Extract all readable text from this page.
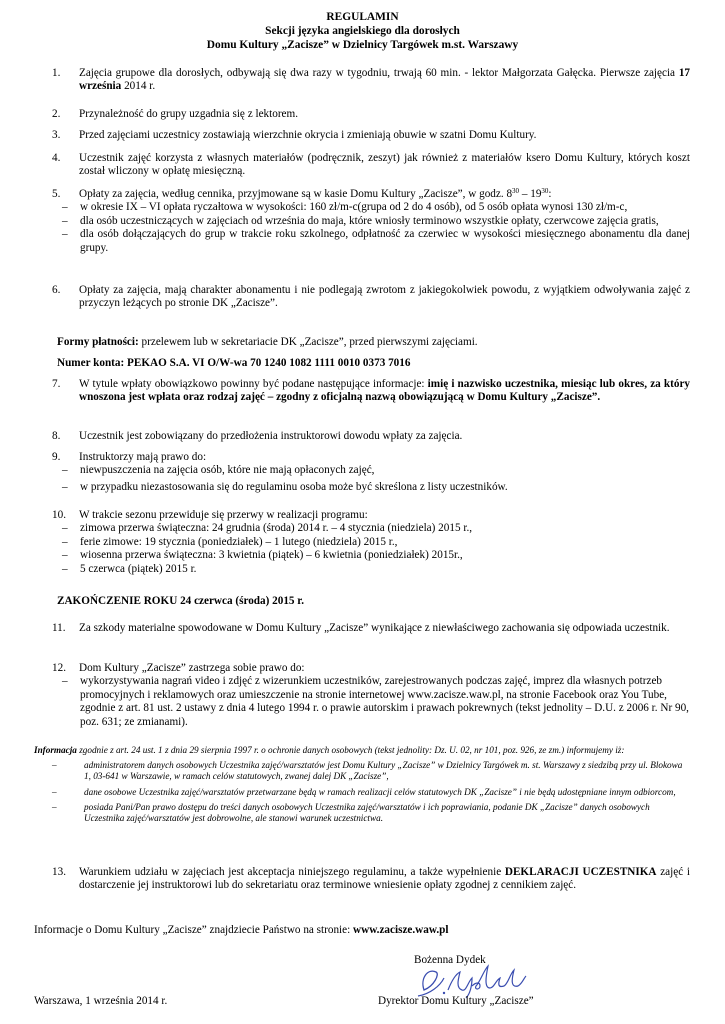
REGULAMIN
Sekcji języka angielskiego dla dorosłych
Domu Kultury „Zacisze” w Dzielnicy Targówek m.st. Warszawy
1. Zajęcia grupowe dla dorosłych, odbywają się dwa razy w tygodniu, trwają 60 min. - lektor Małgorzata Gałęcka. Pierwsze zajęcia 17 września 2014 r.
2. Przynależność do grupy uzgadnia się z lektorem.
3. Przed zajęciami uczestnicy zostawiają wierzchnie okrycia i zmieniają obuwie w szatni Domu Kultury.
4. Uczestnik zajęć korzysta z własnych materiałów (podręcznik, zeszyt) jak również z materiałów ksero Domu Kultury, których koszt został wliczony w opłatę miesięczną.
5. Opłaty za zajęcia, według cennika, przyjmowane są w kasie Domu Kultury „Zacisze”, w godz. $8^{30} - 19^{30}$:
– w okresie IX – VI opłata ryczałtowa w wysokości: 160 zł/m-c(grupa od 2 do 4 osób), od 5 osób opłata wynosi 130 zł/m-c,
– dla osób uczestniczących w zajęciach od września do maja, które wniosły terminowo wszystkie opłaty, czerwcowe zajęcia gratis,
– dla osób dołączających do grup w trakcie roku szkolnego, odpłatność za czerwiec w wysokości miesięcznego abonamentu dla danej grupy.
6. Opłaty za zajęcia, mają charakter abonamentu i nie podlegają zwrotom z jakiegokolwiek powodu, z wyjątkiem odwoływania zajęć z przyczyn leżących po stronie DK „Zacisze”.
Formy płatności: przelewem lub w sekretariacie DK „Zacisze”, przed pierwszymi zajęciami.
Numer konta: PEKAO S.A. VI O/W-wa 70 1240 1082 1111 0010 0373 7016
7. W tytule wpłaty obowiązkowo powinny być podane następujące informacje: imię i nazwisko uczestnika, miesiąc lub okres, za który wnoszona jest wpłata oraz rodzaj zajęć – zgodny z oficjalną nazwą obowiązującą w Domu Kultury „Zacisze”.
8. Uczestnik jest zobowiązany do przedłożenia instruktorowi dowodu wpłaty za zajęcia.
9. Instruktorzy mają prawo do:
– niewpuszczenia na zajęcia osób, które nie mają opłaconych zajęć,
– w przypadku niezastosowania się do regulaminu osoba może być skreślona z listy uczestników.
10. W trakcie sezonu przewiduje się przerwy w realizacji programu:
– zimowa przerwa świąteczna: 24 grudnia (środa) 2014 r. – 4 stycznia (niedziela) 2015 r.,
– ferie zimowe: 19 stycznia (poniedziałek) – 1 lutego (niedziela) 2015 r.,
– wiosenna przerwa świąteczna: 3 kwietnia (piątek) – 6 kwietnia (poniedziałek) 2015r.,
– 5 czerwca (piątek) 2015 r.
ZAKOŃCZENIE ROKU 24 czerwca (środa) 2015 r.
11. Za szkody materialne spowodowane w Domu Kultury „Zacisze” wynikające z niewłaściwego zachowania się odpowiada uczestnik.
12. Dom Kultury „Zacisze” zastrzega sobie prawo do:
– wykorzystywania nagrań video i zdjęć z wizerunkiem uczestników, zarejestrowanych podczas zajęć, imprez dla własnych potrzeb promocyjnych i reklamowych oraz umieszczenie na stronie internetowej www.zacisze.waw.pl, na stronie Facebook oraz You Tube, zgodnie z art. 81 ust. 2 ustawy z dnia 4 lutego 1994 r. o prawie autorskim i prawach pokrewnych (tekst jednolity – D.U. z 2006 r. Nr 90, poz. 631; ze zmianami).
Informacja zgodnie z art. 24 ust. 1 z dnia 29 sierpnia 1997 r. o ochronie danych osobowych (tekst jednolity: Dz. U. 02, nr 101, poz. 926, ze zm.) informujemy iż:
–	administratorem danych osobowych Uczestnika zajęć/warsztatów jest Domu Kultury „Zacisze” w Dzielnicy Targówek m. st. Warszawy z siedzibą przy ul. Blokowa 1, 03-641 w Warszawie, w ramach celów statutowych, zwanej dalej DK „Zacisze”,
–	dane osobowe Uczestnika zajęć/warsztatów przetwarzane będą w ramach realizacji celów statutowych DK „Zacisze” i nie będą udostępniane innym odbiorcom,
–	posiada Pani/Pan prawo dostępu do treści danych osobowych Uczestnika zajęć/warsztatów i ich poprawiania, podanie DK „Zacisze” danych osobowych Uczestnika zajęć/warsztatów jest dobrowolne, ale stanowi warunek uczestnictwa.
13. Warunkiem udziału w zajęciach jest akceptacja niniejszego regulaminu, a także wypełnienie DEKLARACJI UCZESTNIKA zajęć i dostarczenie jej instruktorowi lub do sekretariatu oraz terminowe wniesienie opłaty zgodnej z cennikiem zajęć.
Informacje o Domu Kultury „Zacisze” znajdziecie Państwo na stronie: www.zacisze.waw.pl
Bożenna Dydek
Warszawa, 1 września 2014 r.	Dyrektor Domu Kultury „Zacisze”
